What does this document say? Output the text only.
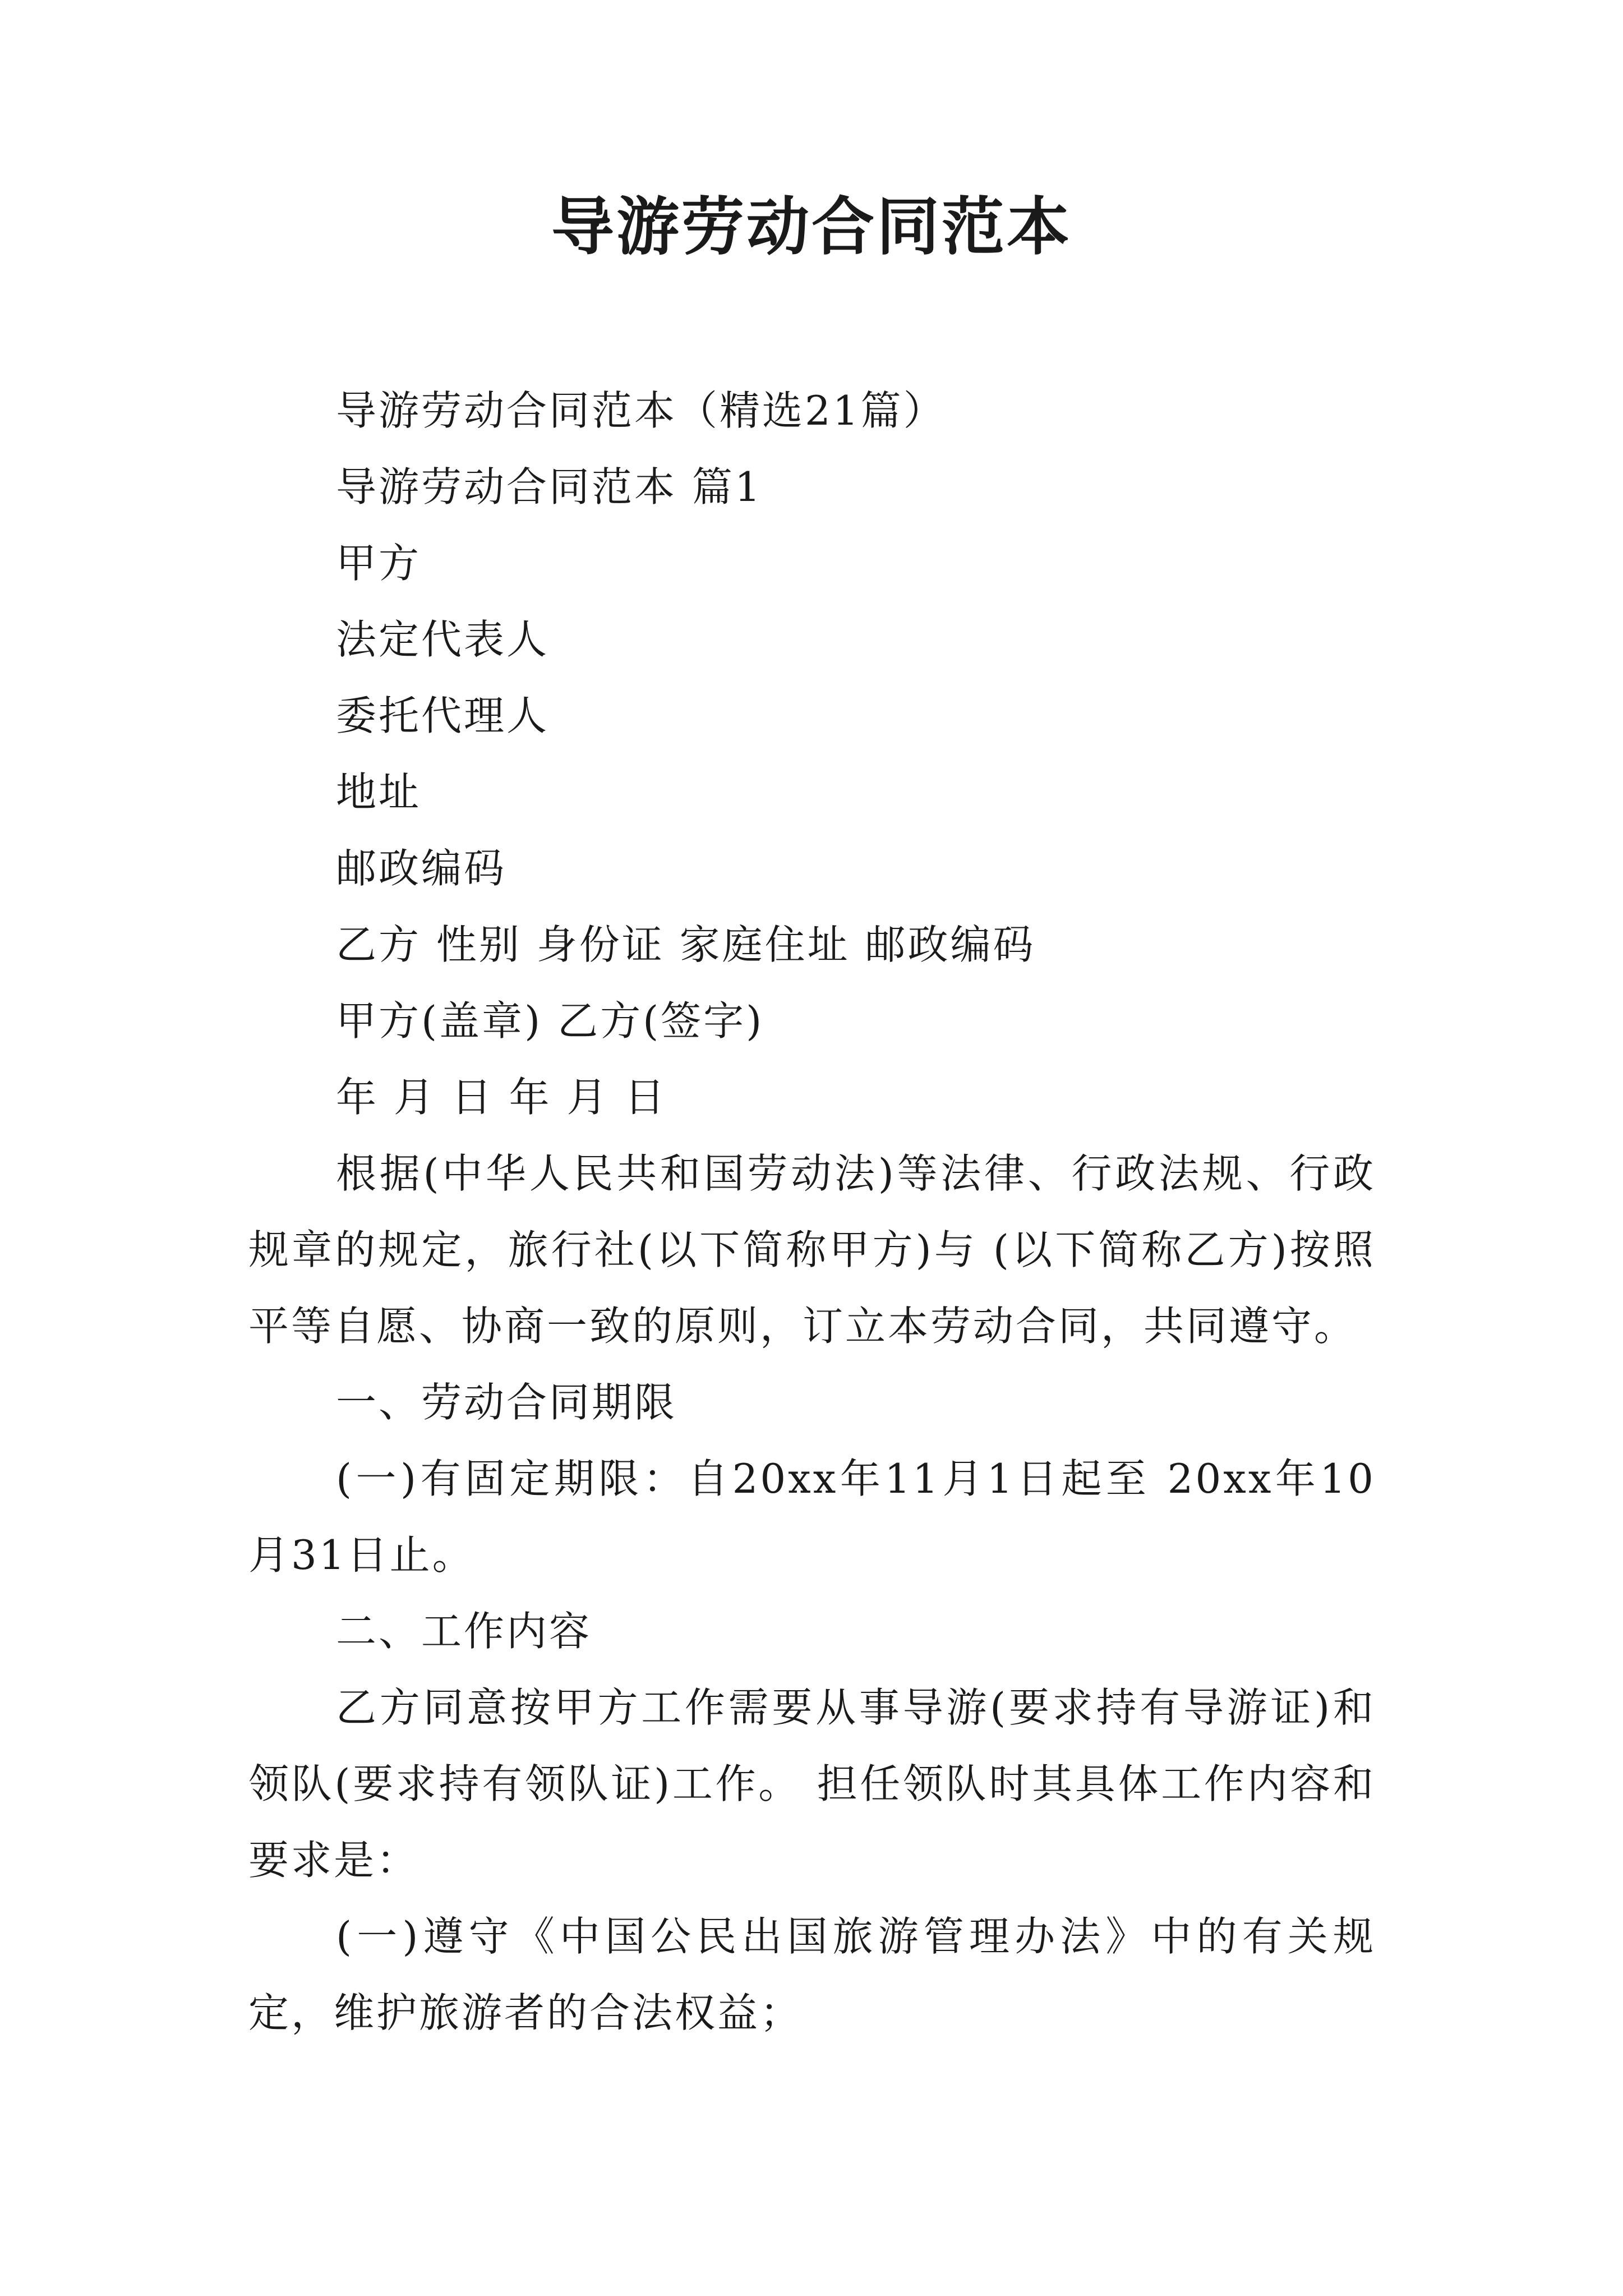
导游劳动合同范本

导游劳动合同范本（精选21篇）

导游劳动合同范本 篇1

甲方

法定代表人

委托代理人

地址

邮政编码

乙方 性别 身份证 家庭住址 邮政编码

甲方(盖章) 乙方(签字)

年 月 日 年 月 日

根据(中华人民共和国劳动法)等法律、行政法规、行政规章的规定，旅行社(以下简称甲方)与 (以下简称乙方)按照平等自愿、协商一致的原则，订立本劳动合同，共同遵守。

一、劳动合同期限

(一)有固定期限：自20xx年11月1日起至 20xx年10月31日止。

二、工作内容

乙方同意按甲方工作需要从事导游(要求持有导游证)和领队(要求持有领队证)工作。 担任领队时其具体工作内容和要求是：

(一)遵守《中国公民出国旅游管理办法》中的有关规定，维护旅游者的合法权益；
